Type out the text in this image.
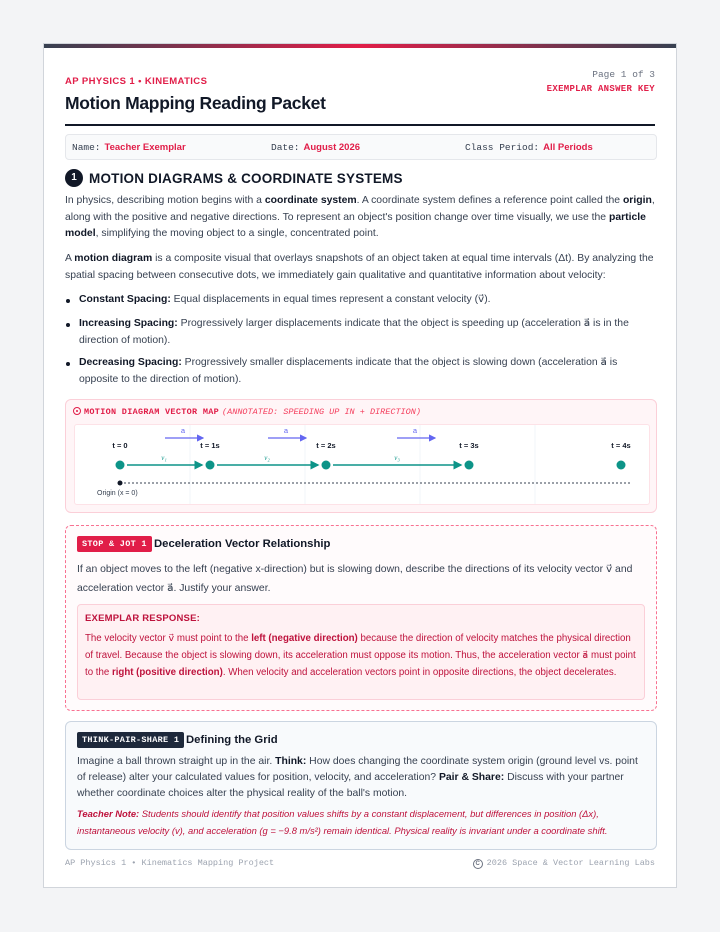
AP PHYSICS 1 • KINEMATICS
Motion Mapping Reading Packet
Page 1 of 3
EXEMPLAR ANSWER KEY
Name: Teacher Exemplar	Date: August 2026	Class Period: All Periods
1 MOTION DIAGRAMS & COORDINATE SYSTEMS
In physics, describing motion begins with a coordinate system. A coordinate system defines a reference point called the origin, along with the positive and negative directions. To represent an object's position change over time visually, we use the particle model, simplifying the moving object to a single, concentrated point.
A motion diagram is a composite visual that overlays snapshots of an object taken at equal time intervals (Δt). By analyzing the spatial spacing between consecutive dots, we immediately gain qualitative and quantitative information about velocity:
Constant Spacing: Equal displacements in equal times represent a constant velocity (v⃗).
Increasing Spacing: Progressively larger displacements indicate that the object is speeding up (acceleration a⃗ is in the direction of motion).
Decreasing Spacing: Progressively smaller displacements indicate that the object is slowing down (acceleration a⃗ is opposite to the direction of motion).
MOTION DIAGRAM VECTOR MAP (ANNOTATED: SPEEDING UP IN + DIRECTION)
t = 0	t = 1s	t = 2s	t = 3s	t = 4s
a	a	a
v₁	v₂	v₃
Origin (x = 0)
STOP & JOT 1 Deceleration Vector Relationship
If an object moves to the left (negative x-direction) but is slowing down, describe the directions of its velocity vector v⃗ and
acceleration vector a⃗. Justify your answer.
EXEMPLAR RESPONSE:
The velocity vector v⃗ must point to the left (negative direction) because the direction of velocity matches the physical direction of travel. Because the object is slowing down, its acceleration must oppose its motion. Thus, the acceleration vector a⃗ must point to the right (positive direction). When velocity and acceleration vectors point in opposite directions, the object decelerates.
THINK-PAIR-SHARE 1 Defining the Grid
Imagine a ball thrown straight up in the air. Think: How does changing the coordinate system origin (ground level vs. point of release) alter your calculated values for position, velocity, and acceleration? Pair & Share: Discuss with your partner whether coordinate choices alter the physical reality of the ball's motion.
Teacher Note: Students should identify that position values shifts by a constant displacement, but differences in position (Δx), instantaneous velocity (v), and acceleration (g = −9.8 m/s²) remain identical. Physical reality is invariant under a coordinate shift.
AP Physics 1 • Kinematics Mapping Project	C 2026 Space & Vector Learning Labs
